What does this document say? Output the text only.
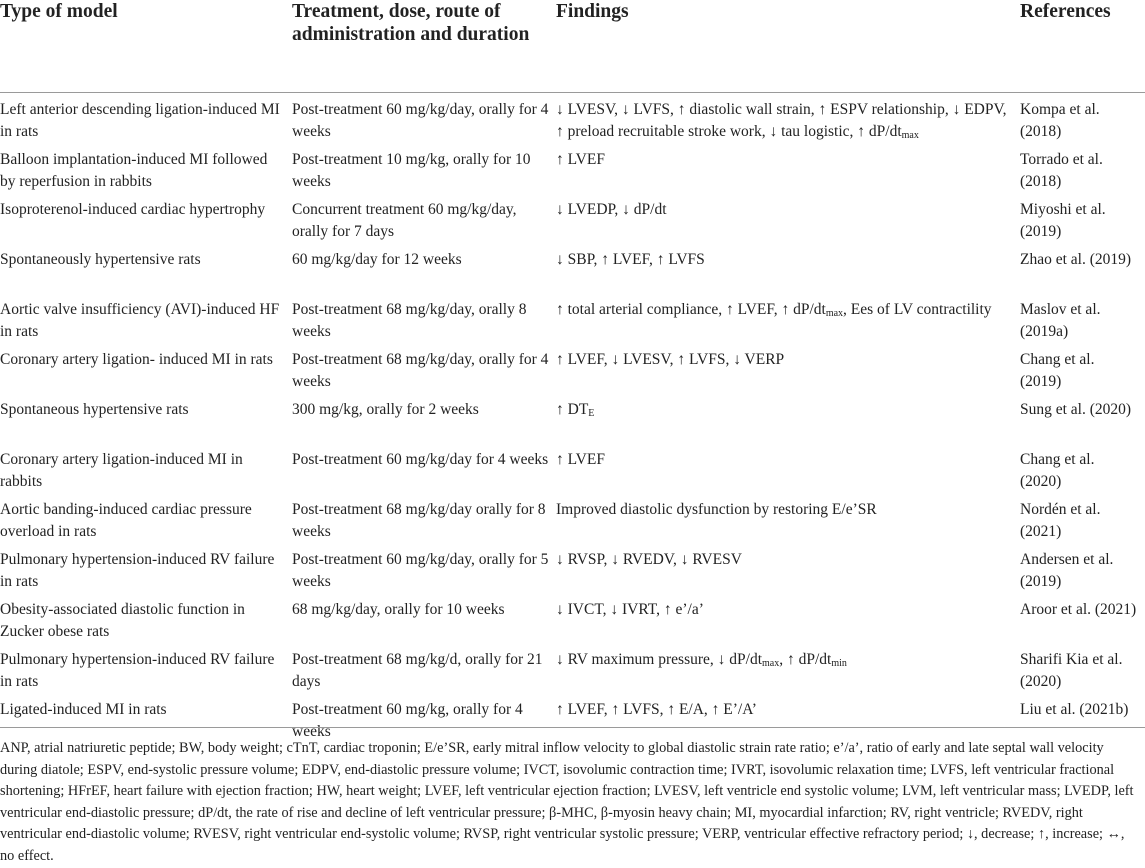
Type of model	Treatment, dose, route of administration and duration	Findings	References
Left anterior descending ligation-induced MI in rats	Post-treatment 60 mg/kg/day, orally for 4 weeks	↓ LVESV, ↓ LVFS, ↑ diastolic wall strain, ↑ ESPV relationship, ↓ EDPV, ↑ preload recruitable stroke work, ↓ tau logistic, ↑ $dP/dt_{max}$	Kompa et al. (2018)
Balloon implantation-induced MI followed by reperfusion in rabbits	Post-treatment 10 mg/kg, orally for 10 weeks	↑ LVEF	Torrado et al. (2018)
Isoproterenol-induced cardiac hypertrophy	Concurrent treatment 60 mg/kg/day, orally for 7 days	↓ LVEDP, ↓ dP/dt	Miyoshi et al. (2019)
Spontaneously hypertensive rats	60 mg/kg/day for 12 weeks	↓ SBP, ↑ LVEF, ↑ LVFS	Zhao et al. (2019)
Aortic valve insufficiency (AVI)-induced HF in rats	Post-treatment 68 mg/kg/day, orally 8 weeks	↑ total arterial compliance, ↑ LVEF, ↑ $dP/dt_{max}$, Ees of LV contractility	Maslov et al. (2019a)
Coronary artery ligation- induced MI in rats	Post-treatment 68 mg/kg/day, orally for 4 weeks	↑ LVEF, ↓ LVESV, ↑ LVFS, ↓ VERP	Chang et al. (2019)
Spontaneous hypertensive rats	300 mg/kg, orally for 2 weeks	↑ $DT_E$	Sung et al. (2020)
Coronary artery ligation-induced MI in rabbits	Post-treatment 60 mg/kg/day for 4 weeks	↑ LVEF	Chang et al. (2020)
Aortic banding-induced cardiac pressure overload in rats	Post-treatment 68 mg/kg/day orally for 8 weeks	Improved diastolic dysfunction by restoring E/e’SR	Nordén et al. (2021)
Pulmonary hypertension-induced RV failure in rats	Post-treatment 60 mg/kg/day, orally for 5 weeks	↓ RVSP, ↓ RVEDV, ↓ RVESV	Andersen et al. (2019)
Obesity-associated diastolic function in Zucker obese rats	68 mg/kg/day, orally for 10 weeks	↓ IVCT, ↓ IVRT, ↑ e’/a’	Aroor et al. (2021)
Pulmonary hypertension-induced RV failure in rats	Post-treatment 68 mg/kg/d, orally for 21 days	↓ RV maximum pressure, ↓ $dP/dt_{max}$, ↑ $dP/dt_{min}$	Sharifi Kia et al. (2020)
Ligated-induced MI in rats	Post-treatment 60 mg/kg, orally for 4 weeks	↑ LVEF, ↑ LVFS, ↑ E/A, ↑ E’/A’	Liu et al. (2021b)
ANP, atrial natriuretic peptide; BW, body weight; cTnT, cardiac troponin; E/e’SR, early mitral inflow velocity to global diastolic strain rate ratio; e’/a’, ratio of early and late septal wall velocity during diatole; ESPV, end-systolic pressure volume; EDPV, end-diastolic pressure volume; IVCT, isovolumic contraction time; IVRT, isovolumic relaxation time; LVFS, left ventricular fractional shortening; HFrEF, heart failure with ejection fraction; HW, heart weight; LVEF, left ventricular ejection fraction; LVESV, left ventricle end systolic volume; LVM, left ventricular mass; LVEDP, left ventricular end-diastolic pressure; dP/dt, the rate of rise and decline of left ventricular pressure; β-MHC, β-myosin heavy chain; MI, myocardial infarction; RV, right ventricle; RVEDV, right ventricular end-diastolic volume; RVESV, right ventricular end-systolic volume; RVSP, right ventricular systolic pressure; VERP, ventricular effective refractory period; ↓, decrease; ↑, increase; ↔, no effect.
